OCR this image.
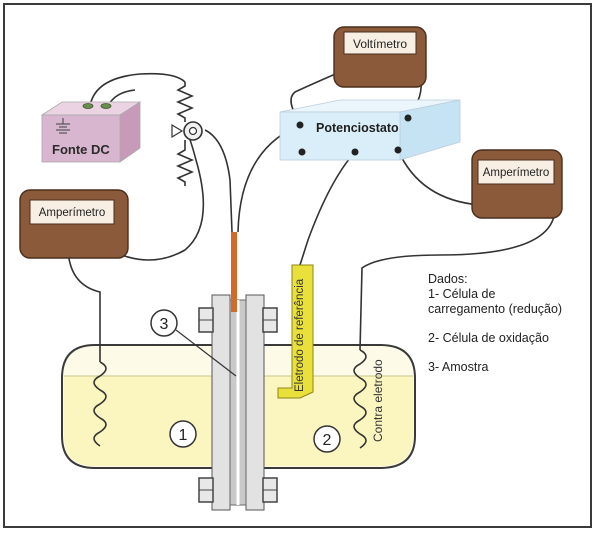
Fonte DC
Potenciostato
Voltímetro
Amperímetro
Amperímetro
Eletrodo de referência
Contra eletrodo
3
1	2
Dados:
1- Célula de
carregamento (redução)
2- Célula de oxidação
3- Amostra
